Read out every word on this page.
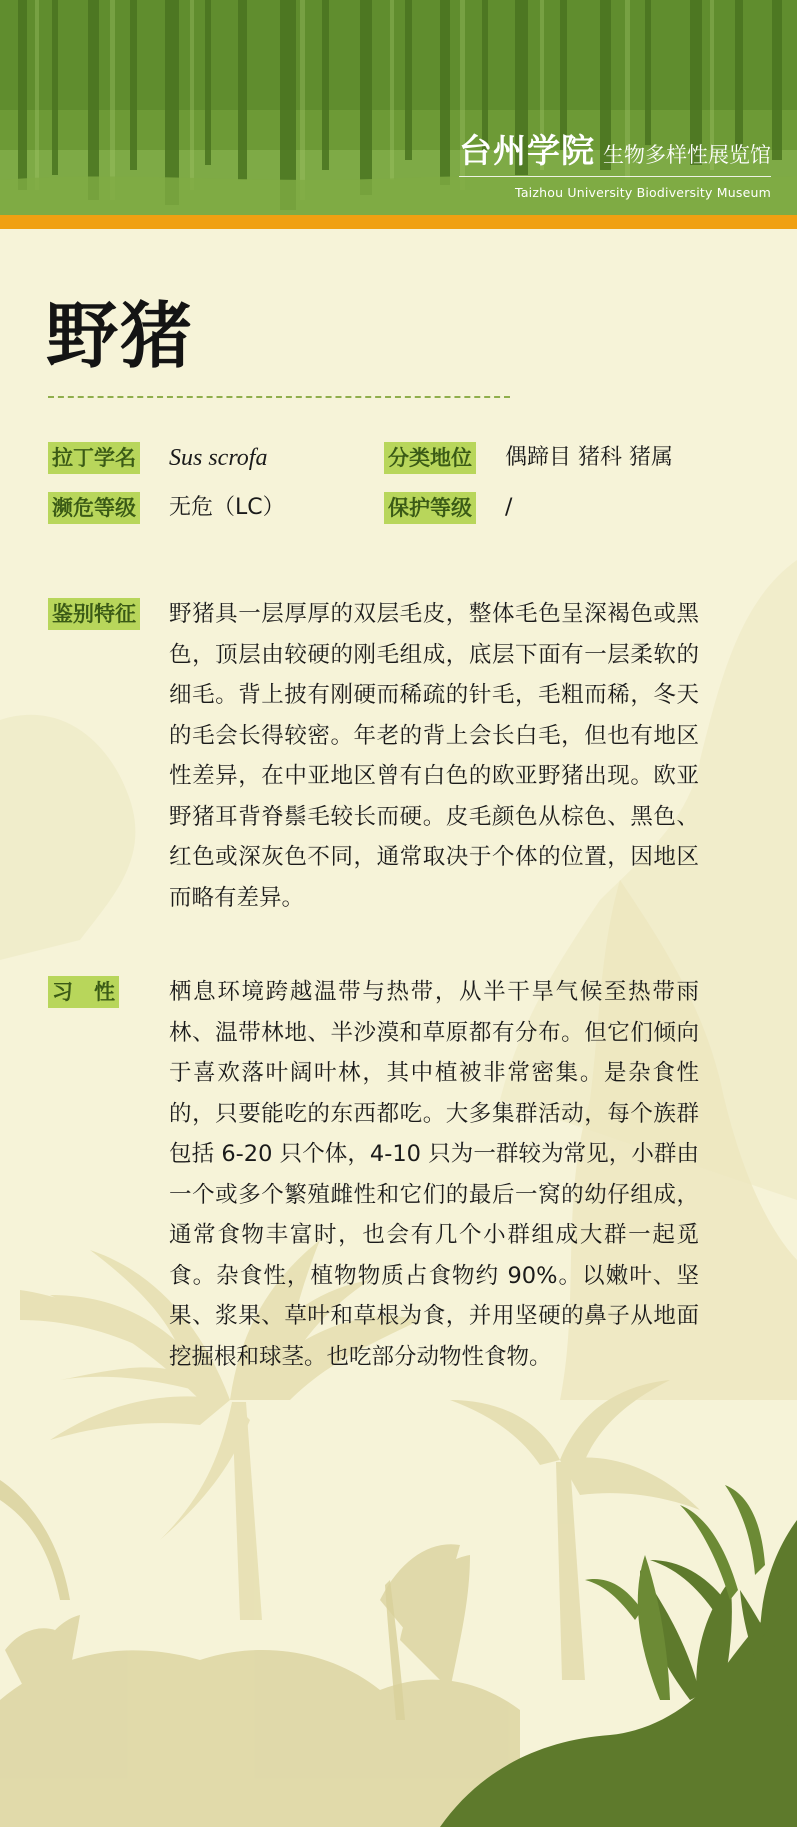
台州学院 生物多样性展览馆
Taizhou University Biodiversity Museum
野猪
拉丁学名 Sus scrofa	分类地位 偶蹄目 猪科 猪属
濒危等级 无危（LC）	保护等级 /
鉴别特征 野猪具一层厚厚的双层毛皮，整体毛色呈深褐色或黑色，顶层由较硬的刚毛组成，底层下面有一层柔软的细毛。背上披有刚硬而稀疏的针毛，毛粗而稀，冬天的毛会长得较密。年老的背上会长白毛，但也有地区性差异，在中亚地区曾有白色的欧亚野猪出现。欧亚野猪耳背脊鬃毛较长而硬。皮毛颜色从棕色、黑色、红色或深灰色不同，通常取决于个体的位置，因地区而略有差异。

习　性 栖息环境跨越温带与热带，从半干旱气候至热带雨林、温带林地、半沙漠和草原都有分布。但它们倾向于喜欢落叶阔叶林，其中植被非常密集。是杂食性的，只要能吃的东西都吃。大多集群活动，每个族群包括 6-20 只个体，4-10 只为一群较为常见，小群由一个或多个繁殖雌性和它们的最后一窝的幼仔组成，通常食物丰富时，也会有几个小群组成大群一起觅食。杂食性，植物物质占食物约 90%。以嫩叶、坚果、浆果、草叶和草根为食，并用坚硬的鼻子从地面挖掘根和球茎。也吃部分动物性食物。
